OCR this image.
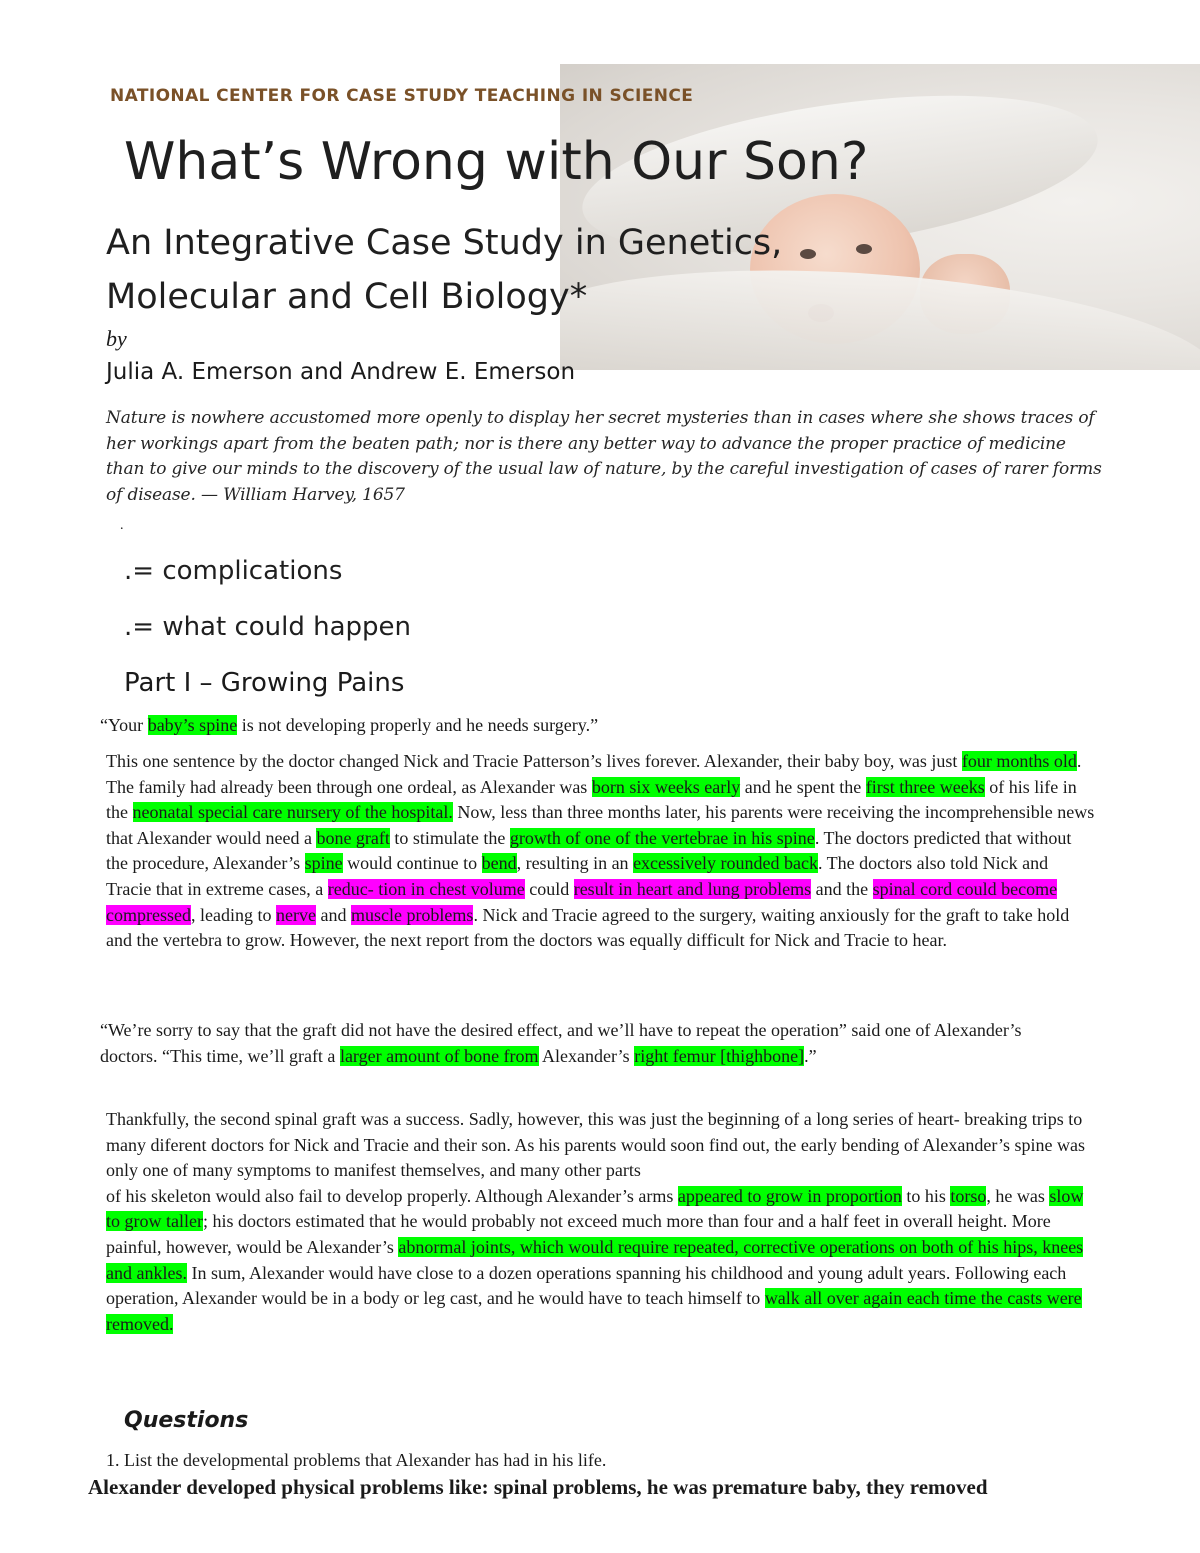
NATIONAL CENTER FOR CASE STUDY TEACHING IN SCIENCE
What’s Wrong with Our Son?
An Integrative Case Study in Genetics,
Molecular and Cell Biology*
by
Julia A. Emerson and Andrew E. Emerson
Nature is nowhere accustomed more openly to display her secret mysteries than in cases where she shows traces of her workings apart from the beaten path; nor is there any better way to advance the proper practice of medicine than to give our minds to the discovery of the usual law of nature, by the careful investigation of cases of rarer forms of disease. — William Harvey, 1657
.
.= complications
.= what could happen
Part I – Growing Pains
“Your baby’s spine is not developing properly and he needs surgery.”
This one sentence by the doctor changed Nick and Tracie Patterson’s lives forever. Alexander, their baby boy, was just four months old. The family had already been through one ordeal, as Alexander was born six weeks early and he spent the first three weeks of his life in the neonatal special care nursery of the hospital. Now, less than three months later, his parents were receiving the incomprehensible news that Alexander would need a bone graft to stimulate the growth of one of the vertebrae in his spine. The doctors predicted that without the procedure, Alexander’s spine would continue to bend, resulting in an excessively rounded back. The doctors also told Nick and Tracie that in extreme cases, a reduc- tion in chest volume could result in heart and lung problems and the spinal cord could become compressed, leading to nerve and muscle problems. Nick and Tracie agreed to the surgery, waiting anxiously for the graft to take hold and the vertebra to grow. However, the next report from the doctors was equally difficult for Nick and Tracie to hear.
“We’re sorry to say that the graft did not have the desired effect, and we’ll have to repeat the operation” said one of Alexander’s doctors. “This time, we’ll graft a larger amount of bone from Alexander’s right femur [thighbone].”
Thankfully, the second spinal graft was a success. Sadly, however, this was just the beginning of a long series of heart- breaking trips to many diferent doctors for Nick and Tracie and their son. As his parents would soon find out, the early bending of Alexander’s spine was only one of many symptoms to manifest themselves, and many other parts
of his skeleton would also fail to develop properly. Although Alexander’s arms appeared to grow in proportion to his torso, he was slow to grow taller; his doctors estimated that he would probably not exceed much more than four and a half feet in overall height. More painful, however, would be Alexander’s abnormal joints, which would require repeated, corrective operations on both of his hips, knees and ankles. In sum, Alexander would have close to a dozen operations spanning his childhood and young adult years. Following each operation, Alexander would be in a body or leg cast, and he would have to teach himself to walk all over again each time the casts were removed.
Questions
1. List the developmental problems that Alexander has had in his life.
Alexander developed physical problems like: spinal problems, he was premature baby, they removed
